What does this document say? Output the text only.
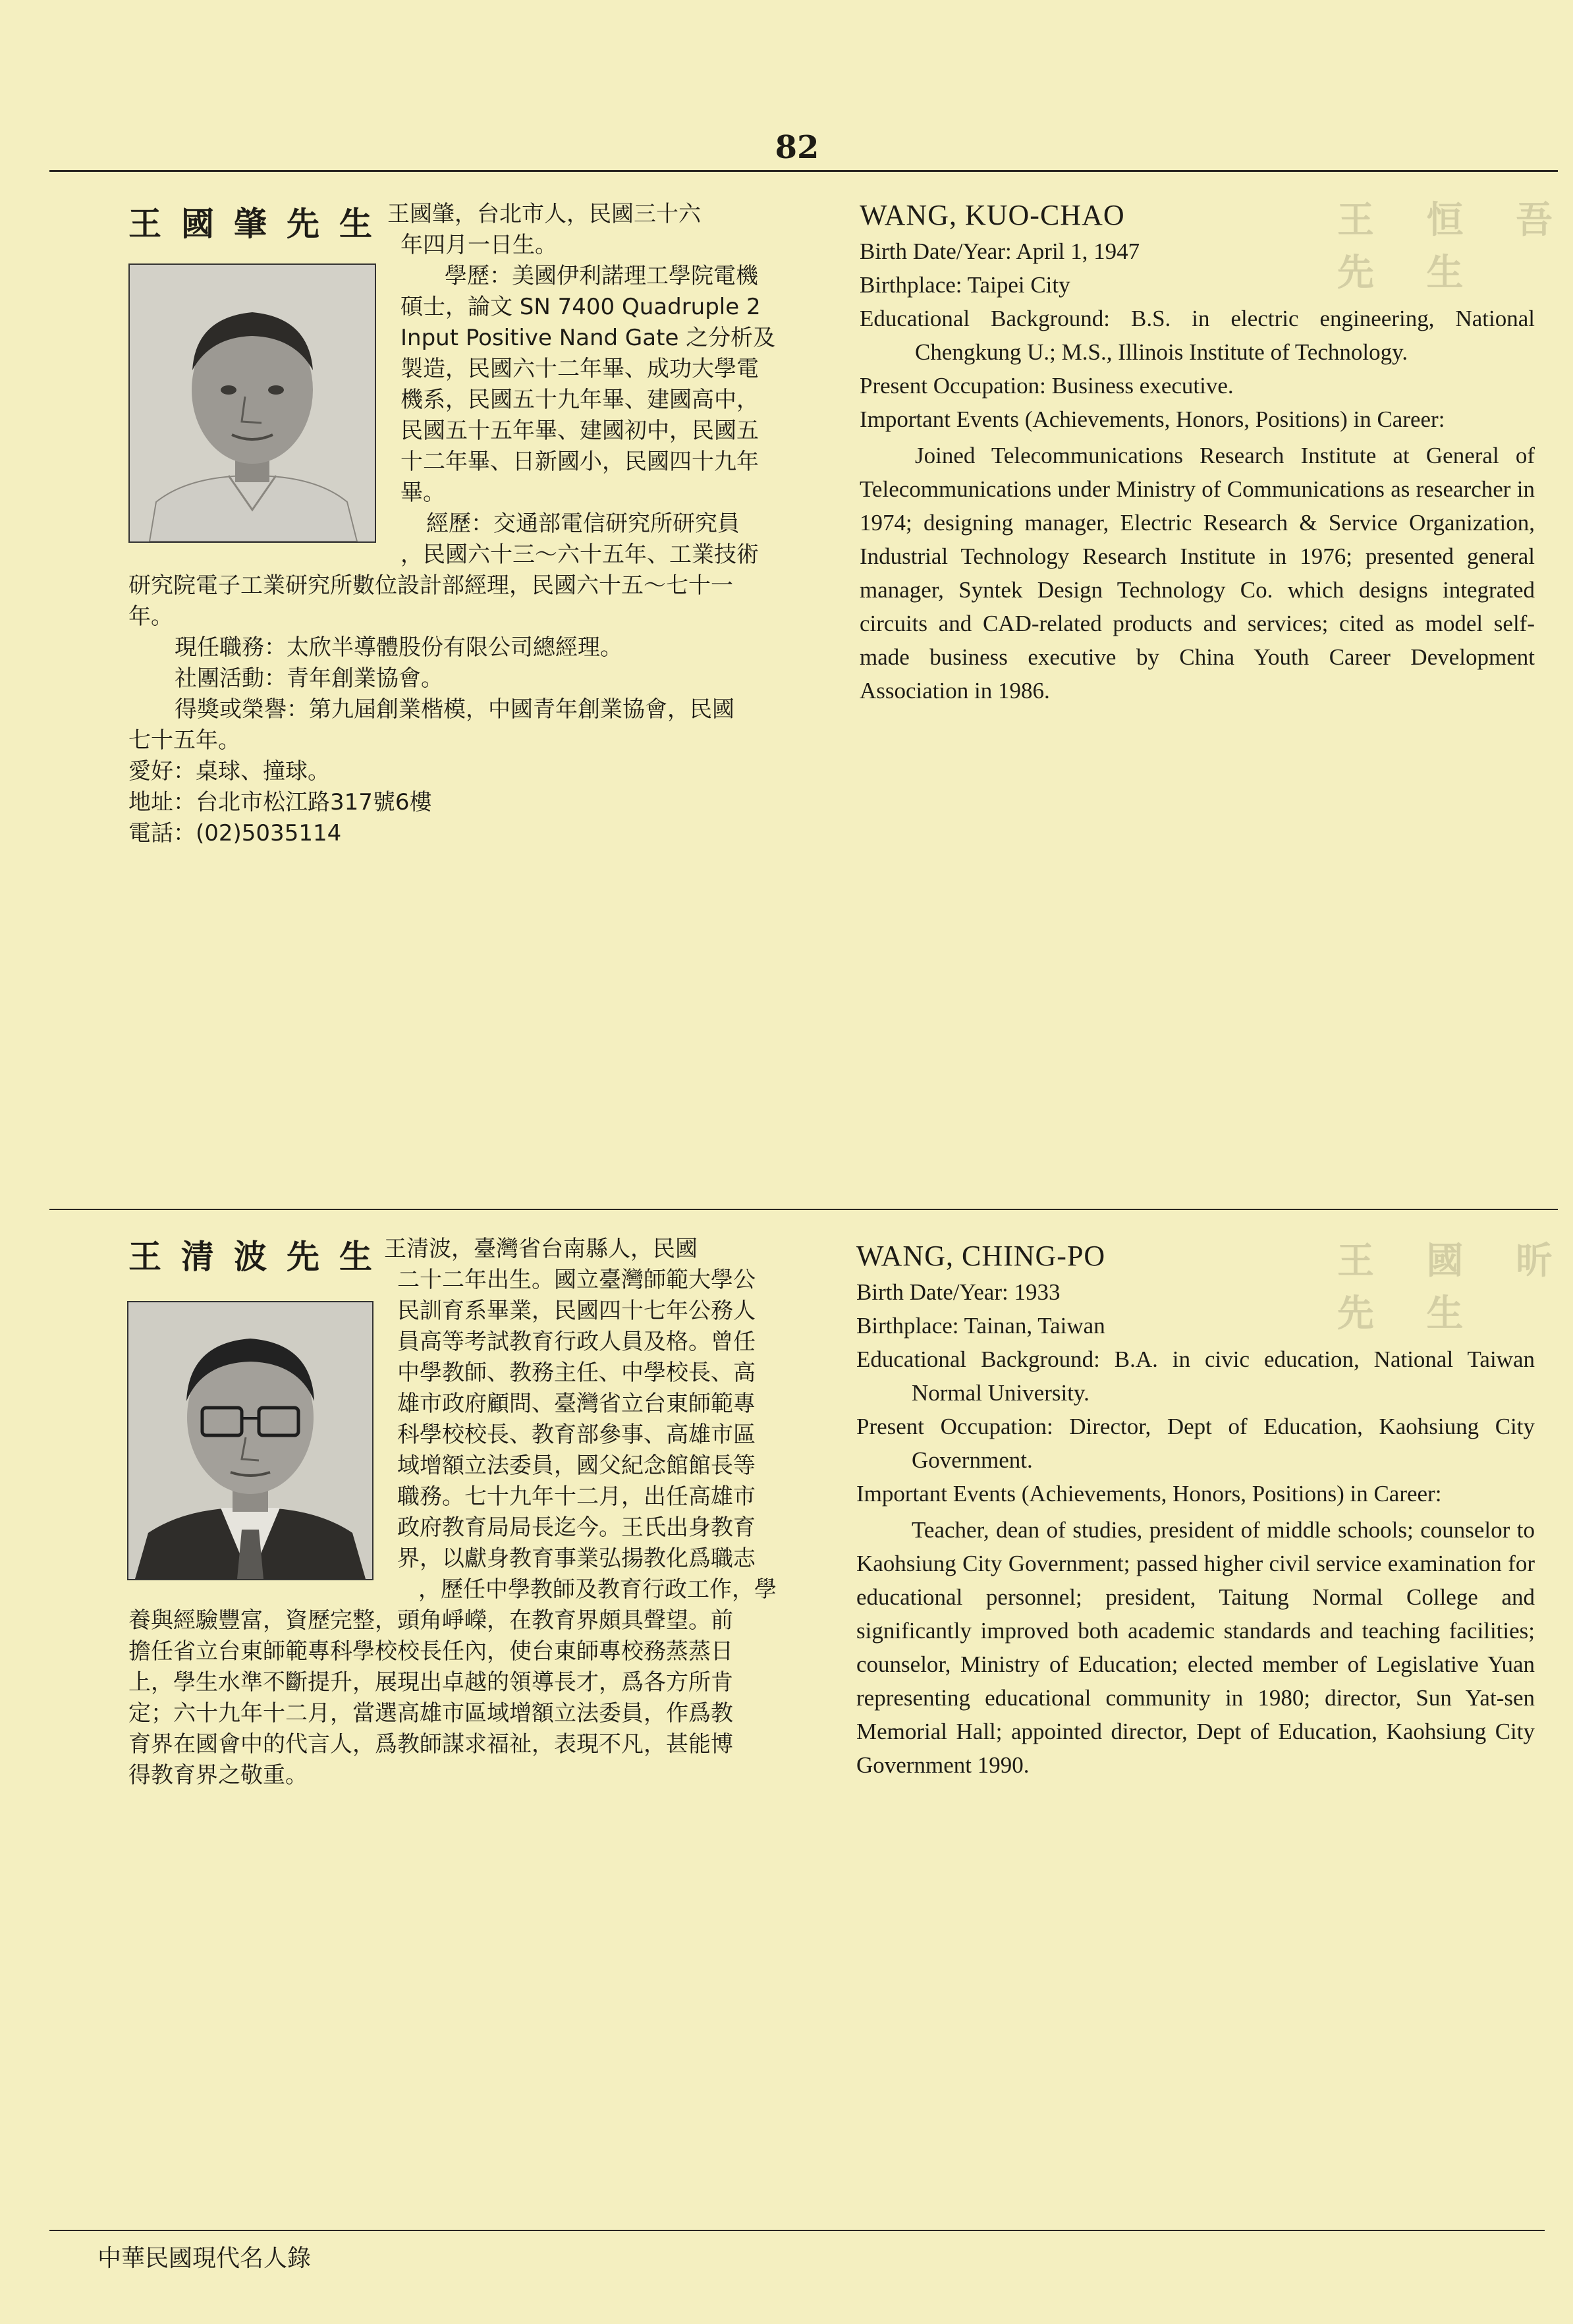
王 恒 吾 先 生
王 國 昕 先 生
82
王國肇先生
王國肇，台北市人，民國三十六
年四月一日生。
學歷：美國伊利諾理工學院電機
碩士，論文 SN 7400 Quadruple 2
Input Positive Nand Gate 之分析及
製造，民國六十二年畢、成功大學電
機系，民國五十九年畢、建國高中，
民國五十五年畢、建國初中，民國五
十二年畢、日新國小，民國四十九年
畢。
經歷：交通部電信研究所研究員
，民國六十三～六十五年、工業技術
研究院電子工業研究所數位設計部經理，民國六十五～七十一
年。
現任職務：太欣半導體股份有限公司總經理。
社團活動：青年創業協會。
得獎或榮譽：第九屆創業楷模，中國青年創業協會，民國
七十五年。
愛好：桌球、撞球。
地址：台北市松江路317號6樓
電話：(02)5035114
WANG, KUO-CHAO
Birth Date/Year: April 1, 1947
Birthplace: Taipei City
Educational Background: B.S. in electric engineering, National Chengkung U.; M.S., Illinois Institute of Technology.
Present Occupation: Business executive.
Important Events (Achievements, Honors, Positions) in Career:
Joined Telecommunications Research Institute at General of Telecommunications under Ministry of Communications as researcher in 1974; designing manager, Electric Research & Service Organization, Industrial Technology Research Institute in 1976; presented general manager, Syntek Design Technology Co. which designs integrated circuits and CAD-related products and services; cited as model self-made business executive by China Youth Career Development Association in 1986.
王清波先生
王清波，臺灣省台南縣人，民國
二十二年出生。國立臺灣師範大學公
民訓育系畢業，民國四十七年公務人
員高等考試教育行政人員及格。曾任
中學教師、教務主任、中學校長、高
雄市政府顧問、臺灣省立台東師範專
科學校校長、教育部參事、高雄市區
域增額立法委員，國父紀念館館長等
職務。七十九年十二月，出任高雄市
政府教育局局長迄今。王氏出身教育
界，以獻身教育事業弘揚教化爲職志
，歷任中學教師及教育行政工作，學
養與經驗豐富，資歷完整，頭角崢嶸，在教育界頗具聲望。前
擔任省立台東師範專科學校校長任內，使台東師專校務蒸蒸日
上，學生水準不斷提升，展現出卓越的領導長才，爲各方所肯
定；六十九年十二月，當選高雄市區域增額立法委員，作爲教
育界在國會中的代言人，爲教師謀求福祉，表現不凡，甚能博
得教育界之敬重。
WANG, CHING-PO
Birth Date/Year: 1933
Birthplace: Tainan, Taiwan
Educational Background: B.A. in civic education, National Taiwan Normal University.
Present Occupation: Director, Dept of Education, Kaohsiung City Government.
Important Events (Achievements, Honors, Positions) in Career:
Teacher, dean of studies, president of middle schools; counselor to Kaohsiung City Government; passed higher civil service examination for educational personnel; president, Taitung Normal College and significantly improved both academic standards and teaching facilities; counselor, Ministry of Education; elected member of Legislative Yuan representing educational community in 1980; director, Sun Yat-sen Memorial Hall; appointed director, Dept of Education, Kaohsiung City Government 1990.
中華民國現代名人錄
